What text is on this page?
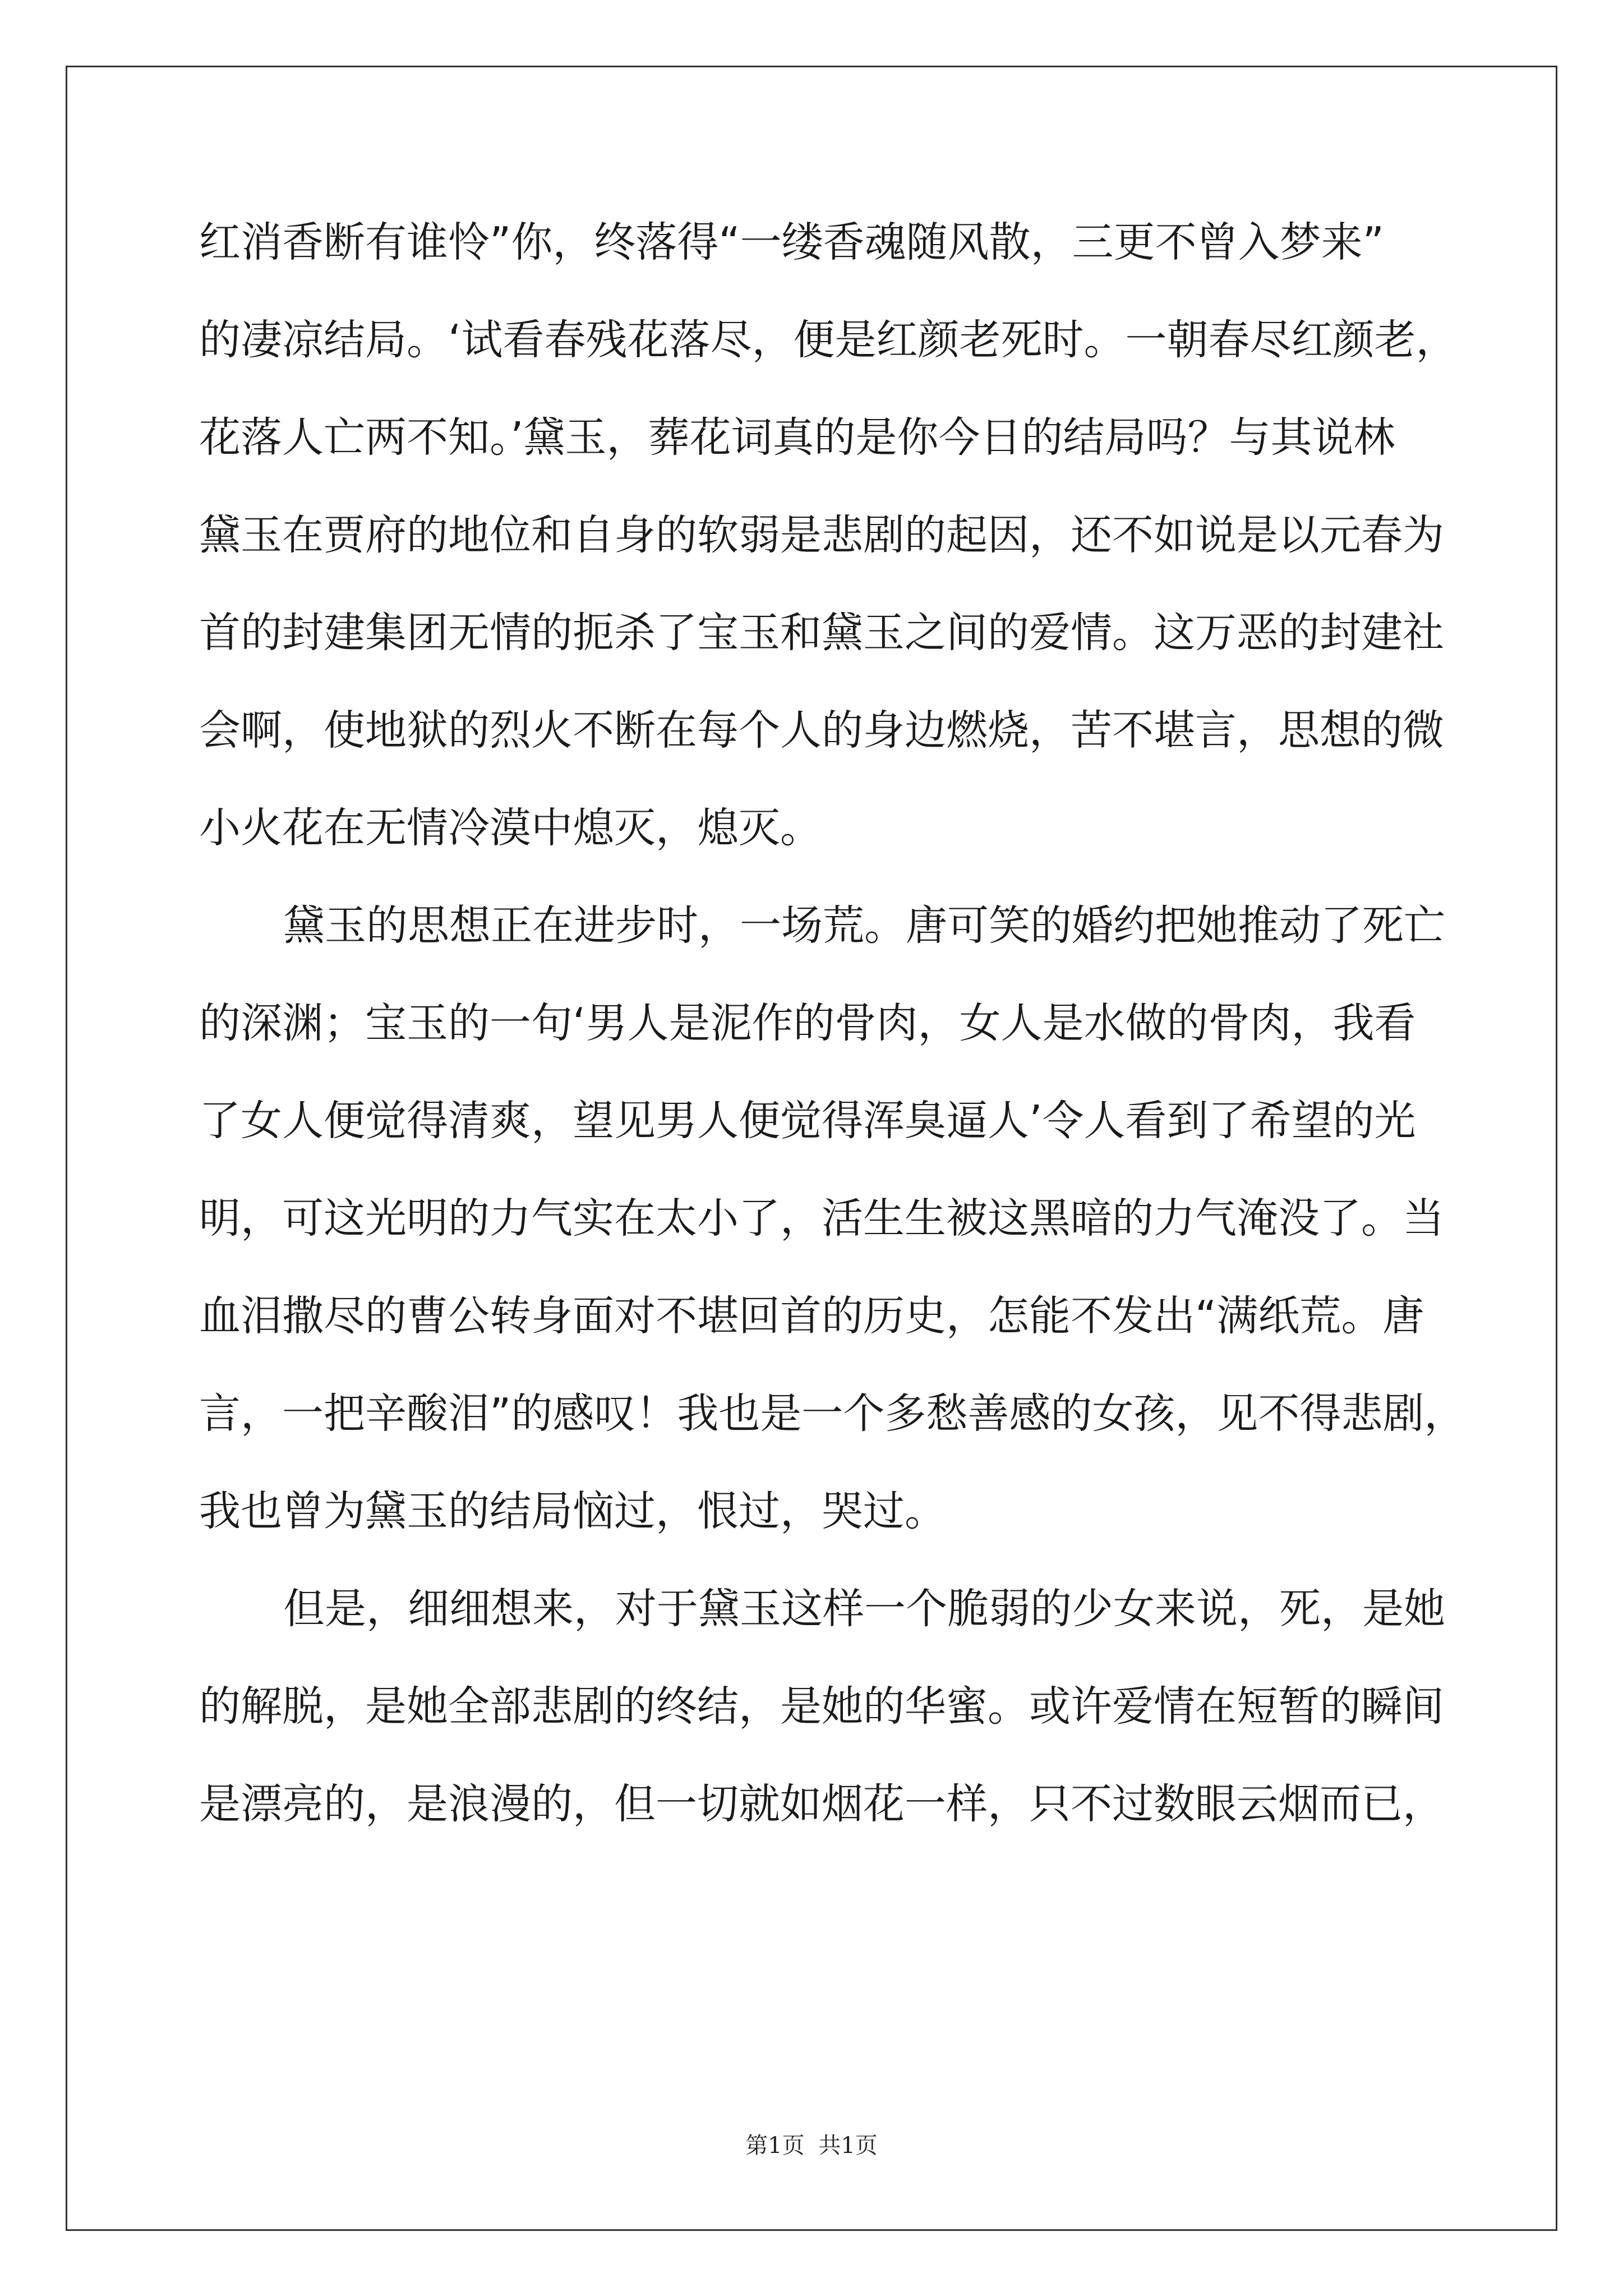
红消香断有谁怜”你，终落得“一缕香魂随风散，三更不曾入梦来”
的凄凉结局。‘试看春残花落尽，便是红颜老死时。一朝春尽红颜老，
花落人亡两不知。’黛玉，葬花词真的是你今日的结局吗？与其说林
黛玉在贾府的地位和自身的软弱是悲剧的起因，还不如说是以元春为
首的封建集团无情的扼杀了宝玉和黛玉之间的爱情。这万恶的封建社
会啊，使地狱的烈火不断在每个人的身边燃烧，苦不堪言，思想的微
小火花在无情冷漠中熄灭，熄灭。
黛玉的思想正在进步时，一场荒。唐可笑的婚约把她推动了死亡
的深渊；宝玉的一句‘男人是泥作的骨肉，女人是水做的骨肉，我看
了女人便觉得清爽，望见男人便觉得浑臭逼人’令人看到了希望的光
明，可这光明的力气实在太小了，活生生被这黑暗的力气淹没了。当
血泪撒尽的曹公转身面对不堪回首的历史，怎能不发出“满纸荒。唐
言，一把辛酸泪”的感叹！我也是一个多愁善感的女孩，见不得悲剧，
我也曾为黛玉的结局恼过，恨过，哭过。
但是，细细想来，对于黛玉这样一个脆弱的少女来说，死，是她
的解脱，是她全部悲剧的终结，是她的华蜜。或许爱情在短暂的瞬间
是漂亮的，是浪漫的，但一切就如烟花一样，只不过数眼云烟而已，
第1页 共1页
